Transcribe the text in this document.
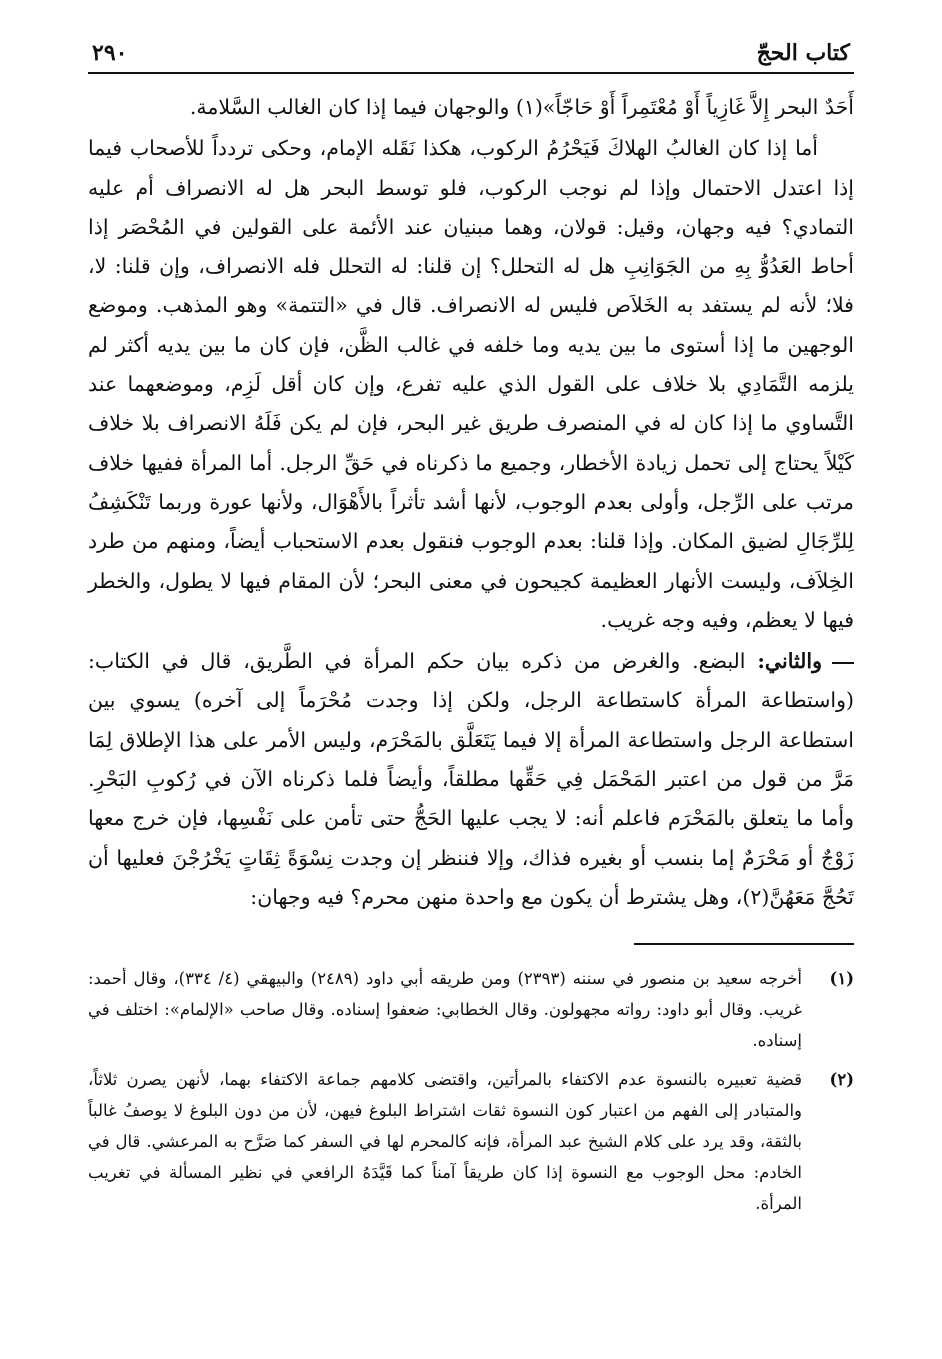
كتاب الحجّ
٢٩٠

أَحَدٌ البحر إِلاَّ غَازِياً أَوْ مُعْتَمِراً أَوْ حَاجّاً»(١) والوجهان فيما إذا كان الغالب السَّلامة.

أما إذا كان الغالبُ الهلاكَ فَيَحْرُمُ الركوب، هكذا نَقَله الإمام، وحكى تردداً للأصحاب فيما إذا اعتدل الاحتمال وإذا لم نوجب الركوب، فلو توسط البحر هل له الانصراف أم عليه التمادي؟ فيه وجهان، وقيل: قولان، وهما مبنيان عند الأئمة على القولين في المُحْصَر إذا أحاط العَدُوُّ بِهِ من الجَوَانِبِ هل له التحلل؟ إن قلنا: له التحلل فله الانصراف، وإن قلنا: لا، فلا؛ لأنه لم يستفد به الخَلاَص فليس له الانصراف. قال في «التتمة» وهو المذهب. وموضع الوجهين ما إذا أستوى ما بين يديه وما خلفه في غالب الظَّن، فإن كان ما بين يديه أكثر لم يلزمه التَّمَادِي بلا خلاف على القول الذي عليه تفرع، وإن كان أقل لَزِم، وموضعهما عند التَّساوي ما إذا كان له في المنصرف طريق غير البحر، فإن لم يكن فَلَهُ الانصراف بلا خلاف كَيْلاً يحتاج إلى تحمل زيادة الأخطار، وجميع ما ذكرناه في حَقِّ الرجل. أما المرأة ففيها خلاف مرتب على الرِّجل، وأولى بعدم الوجوب، لأنها أشد تأثراً بالأَهْوَال، ولأنها عورة وربما تَنْكَشِفُ لِلرِّجَالِ لضيق المكان. وإذا قلنا: بعدم الوجوب فنقول بعدم الاستحباب أيضاً، ومنهم من طرد الخِلاَف، وليست الأنهار العظيمة كجيحون في معنى البحر؛ لأن المقام فيها لا يطول، والخطر فيها لا يعظم، وفيه وجه غريب.

والثاني: البضع. والغرض من ذكره بيان حكم المرأة في الطَّريق، قال في الكتاب: (واستطاعة المرأة كاستطاعة الرجل، ولكن إذا وجدت مُحْرَماً إلى آخره) يسوي بين استطاعة الرجل واستطاعة المرأة إلا فيما يَتَعَلَّق بالمَحْرَم، وليس الأمر على هذا الإطلاق لِمَا مَرَّ من قول من اعتبر المَحْمَل فِي حَقِّها مطلقاً، وأيضاً فلما ذكرناه الآن في رُكوبِ البَحْرِ. وأما ما يتعلق بالمَحْرَم فاعلم أنه: لا يجب عليها الحَجُّ حتى تأمن على نَفْسِها، فإن خرج معها زَوْجٌ أو مَحْرَمٌ إما بنسب أو بغيره فذاك، وإلا فننظر إن وجدت نِسْوَةً ثِقَاتٍ يَخْرُجْنَ فعليها أن تَحُجَّ مَعَهُنَّ(٢)، وهل يشترط أن يكون مع واحدة منهن محرم؟ فيه وجهان:

(١)
أخرجه سعيد بن منصور في سننه (٢٣٩٣) ومن طريقه أبي داود (٢٤٨٩) والبيهقي (٤/ ٣٣٤)، وقال أحمد: غريب. وقال أبو داود: رواته مجهولون. وقال الخطابي: ضعفوا إسناده. وقال صاحب «الإلمام»: اختلف في إسناده.
(٢)
قضية تعبيره بالنسوة عدم الاكتفاء بالمرأتين، واقتضى كلامهم جماعة الاكتفاء بهما، لأنهن يصرن ثلاثاً، والمتبادر إلى الفهم من اعتبار كون النسوة ثقات اشتراط البلوغ فيهن، لأن من دون البلوغ لا يوصفُ غالباً بالثقة، وقد يرد على كلام الشيخ عبد المرأة، فإنه كالمحرم لها في السفر كما صَرَّح به المرعشي. قال في الخادم: محل الوجوب مع النسوة إذا كان طريقاً آمناً كما قَيَّدَهُ الرافعي في نظير المسألة في تغريب المرأة.
